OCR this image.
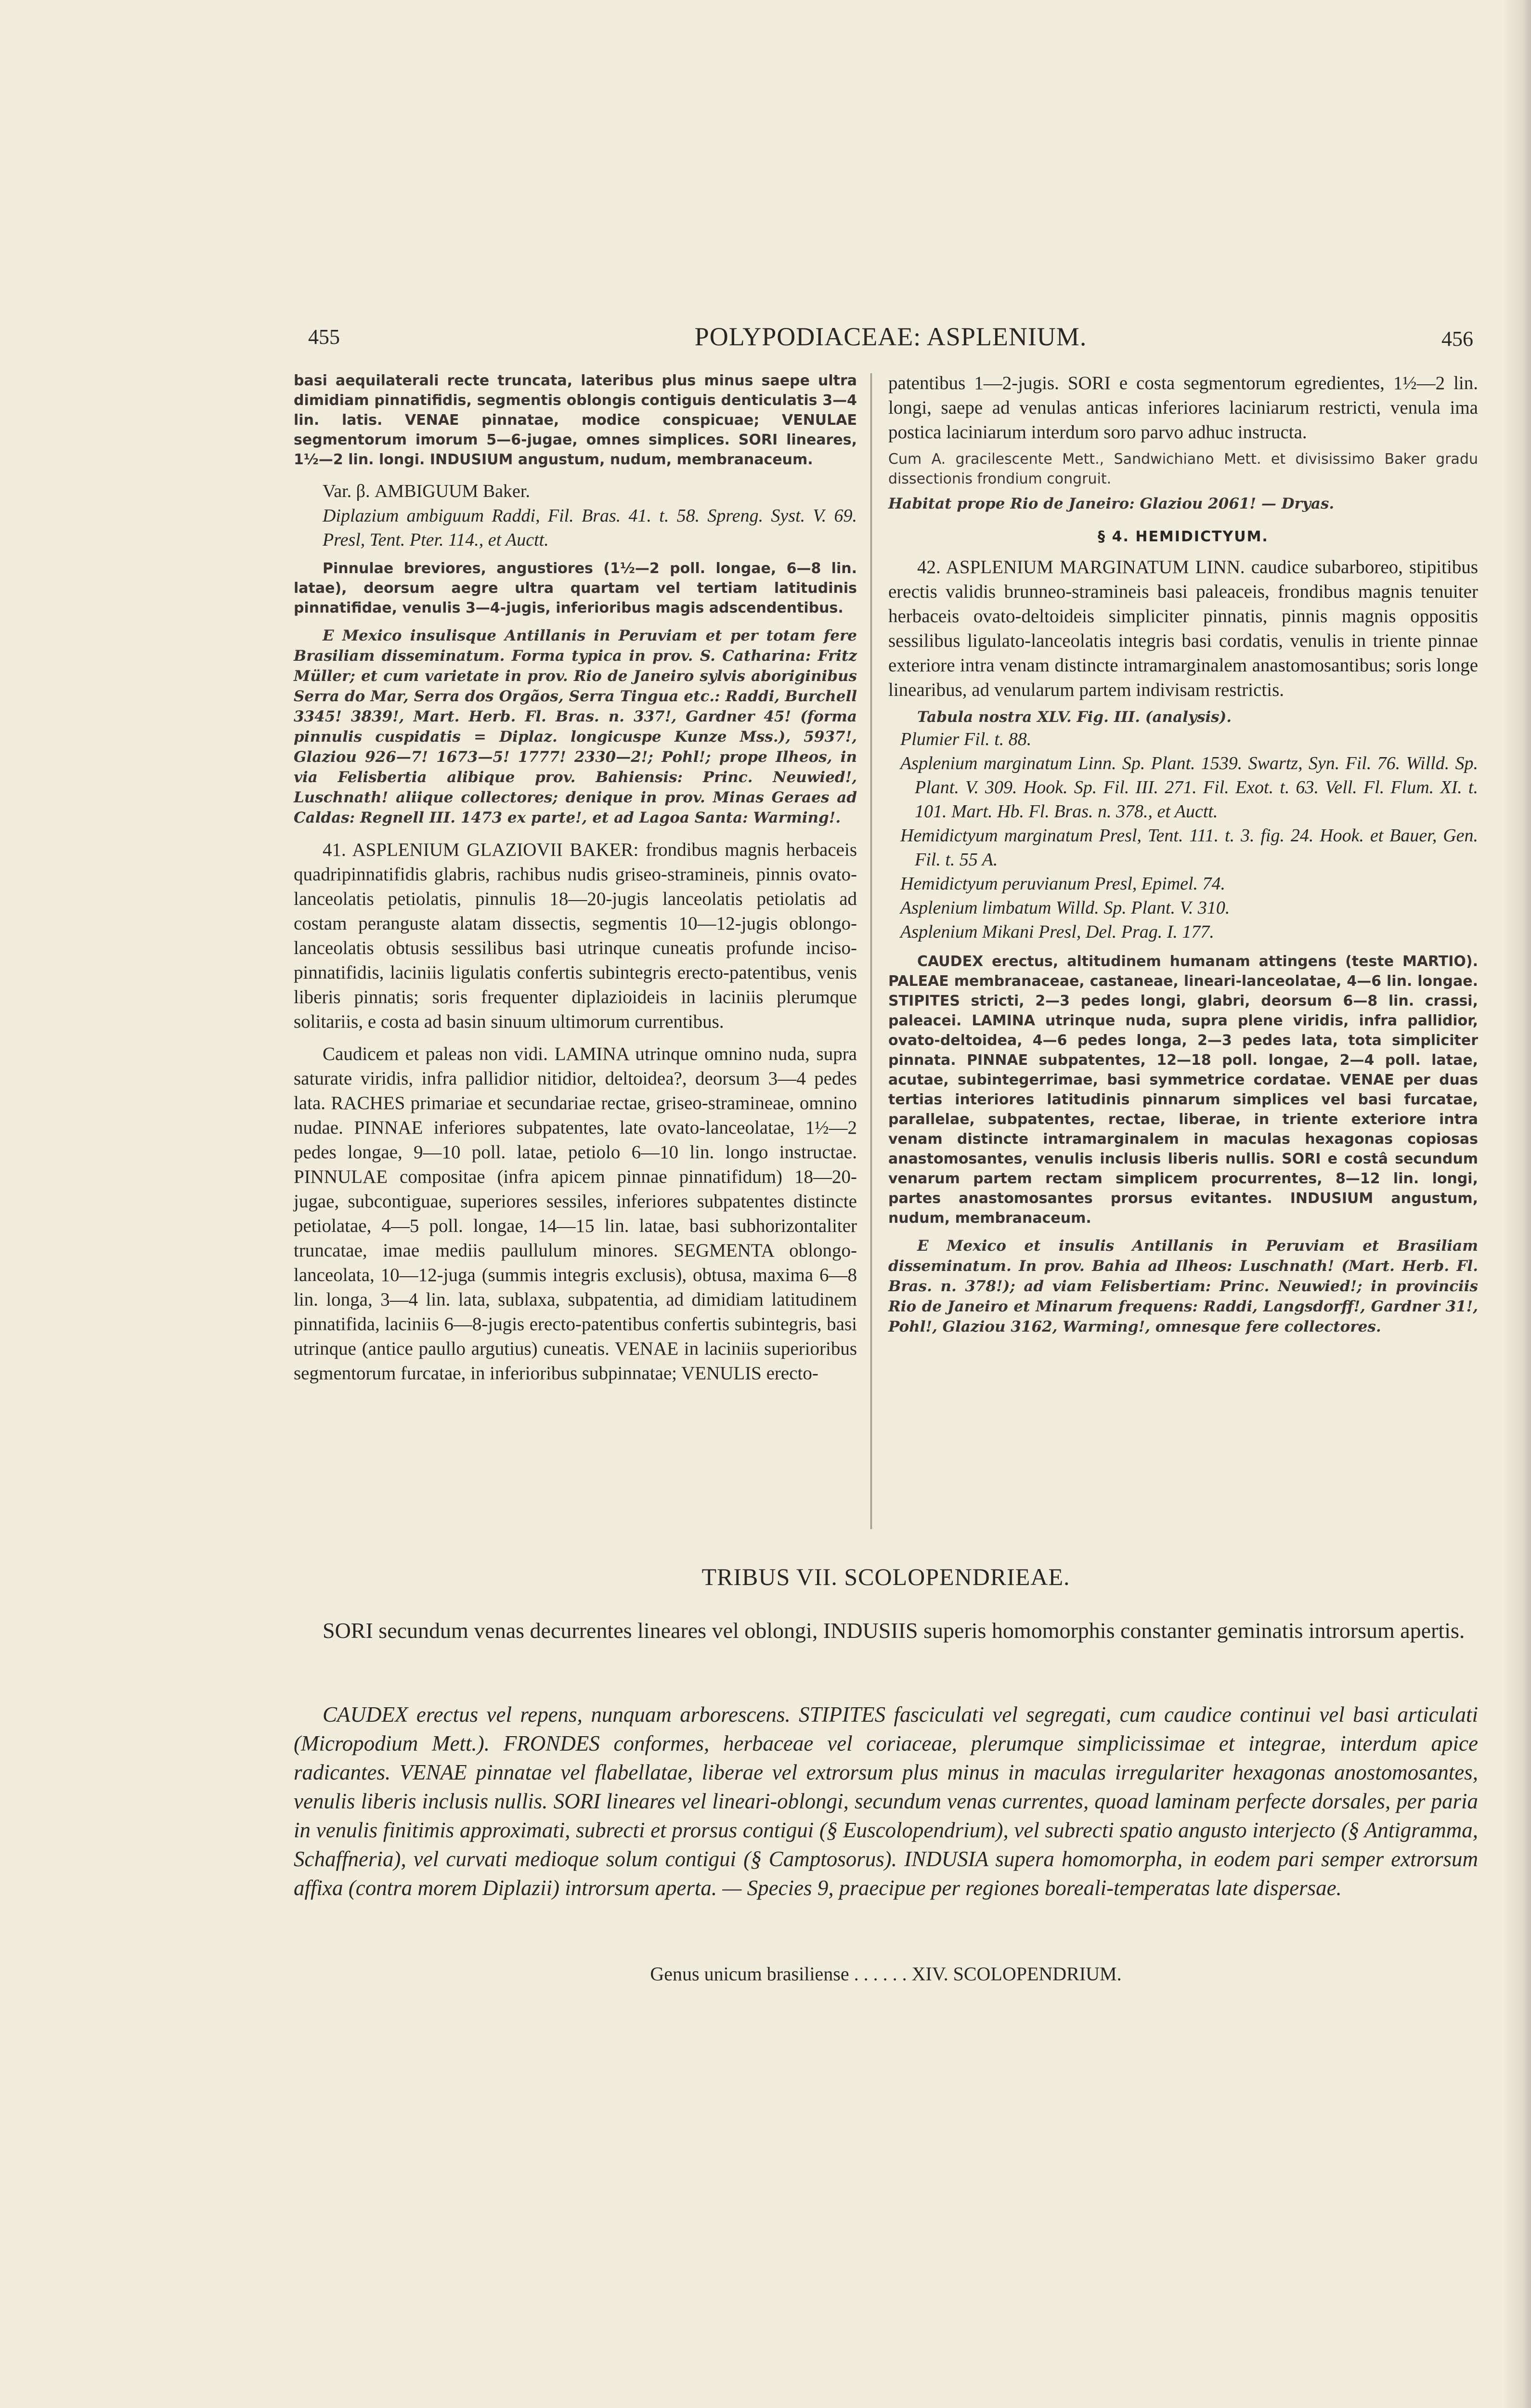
455	POLYPODIACEAE: ASPLENIUM.	456

basi aequilaterali recte truncata, lateribus plus minus saepe ultra dimidiam pinnatifidis, segmentis oblongis contiguis denticulatis 3—4 lin. latis. VENAE pinnatae, modice conspicuae; VENULAE segmentorum imorum 5—6-jugae, omnes simplices. SORI lineares, 1½—2 lin. longi. INDUSIUM angustum, nudum, membranaceum.

Var. β. AMBIGUUM Baker.

Diplazium ambiguum Raddi, Fil. Bras. 41. t. 58. Spreng. Syst. V. 69. Presl, Tent. Pter. 114., et Auctt.

Pinnulae breviores, angustiores (1½—2 poll. longae, 6—8 lin. latae), deorsum aegre ultra quartam vel tertiam latitudinis pinnatifidae, venulis 3—4-jugis, inferioribus magis adscendentibus.

E Mexico insulisque Antillanis in Peruviam et per totam fere Brasiliam disseminatum. Forma typica in prov. S. Catharina: Fritz Müller; et cum varietate in prov. Rio de Janeiro sylvis aboriginibus Serra do Mar, Serra dos Orgãos, Serra Tingua etc.: Raddi, Burchell 3345! 3839!, Mart. Herb. Fl. Bras. n. 337!, Gardner 45! (forma pinnulis cuspidatis = Diplaz. longicuspe Kunze Mss.), 5937!, Glaziou 926—7! 1673—5! 1777! 2330—2!; Pohl!; prope Ilheos, in via Felisbertia alibique prov. Bahiensis: Princ. Neuwied!, Luschnath! aliique collectores; denique in prov. Minas Geraes ad Caldas: Regnell III. 1473 ex parte!, et ad Lagoa Santa: Warming!.

41. ASPLENIUM GLAZIOVII BAKER: frondibus magnis herbaceis quadripinnatifidis glabris, rachibus nudis griseo-stramineis, pinnis ovato-lanceolatis petiolatis, pinnulis 18—20-jugis lanceolatis petiolatis ad costam peranguste alatam dissectis, segmentis 10—12-jugis oblongo-lanceolatis obtusis sessilibus basi utrinque cuneatis profunde inciso-pinnatifidis, laciniis ligulatis confertis subintegris erecto-patentibus, venis liberis pinnatis; soris frequenter diplazioideis in laciniis plerumque solitariis, e costa ad basin sinuum ultimorum currentibus.

Caudicem et paleas non vidi. LAMINA utrinque omnino nuda, supra saturate viridis, infra pallidior nitidior, deltoidea?, deorsum 3—4 pedes lata. RACHES primariae et secundariae rectae, griseo-stramineae, omnino nudae. PINNAE inferiores subpatentes, late ovato-lanceolatae, 1½—2 pedes longae, 9—10 poll. latae, petiolo 6—10 lin. longo instructae. PINNULAE compositae (infra apicem pinnae pinnatifidum) 18—20-jugae, subcontiguae, superiores sessiles, inferiores subpatentes distincte petiolatae, 4—5 poll. longae, 14—15 lin. latae, basi subhorizontaliter truncatae, imae mediis paullulum minores. SEGMENTA oblongo-lanceolata, 10—12-juga (summis integris exclusis), obtusa, maxima 6—8 lin. longa, 3—4 lin. lata, sublaxa, subpatentia, ad dimidiam latitudinem pinnatifida, laciniis 6—8-jugis erecto-patentibus confertis subintegris, basi utrinque (antice paullo argutius) cuneatis. VENAE in laciniis superioribus segmentorum furcatae, in inferioribus subpinnatae; VENULIS erecto-

patentibus 1—2-jugis. SORI e costa segmentorum egredientes, 1½—2 lin. longi, saepe ad venulas anticas inferiores laciniarum restricti, venula ima postica laciniarum interdum soro parvo adhuc instructa.

Cum A. gracilescente Mett., Sandwichiano Mett. et divisissimo Baker gradu dissectionis frondium congruit.

Habitat prope Rio de Janeiro: Glaziou 2061! — Dryas.

§ 4. HEMIDICTYUM.

42. ASPLENIUM MARGINATUM LINN. caudice subarboreo, stipitibus erectis validis brunneo-stramineis basi paleaceis, frondibus magnis tenuiter herbaceis ovato-deltoideis simpliciter pinnatis, pinnis magnis oppositis sessilibus ligulato-lanceolatis integris basi cordatis, venulis in triente pinnae exteriore intra venam distincte intramarginalem anastomosantibus; soris longe linearibus, ad venularum partem indivisam restrictis.

Tabula nostra XLV. Fig. III. (analysis).

Plumier Fil. t. 88.

Asplenium marginatum Linn. Sp. Plant. 1539. Swartz, Syn. Fil. 76. Willd. Sp. Plant. V. 309. Hook. Sp. Fil. III. 271. Fil. Exot. t. 63. Vell. Fl. Flum. XI. t. 101. Mart. Hb. Fl. Bras. n. 378., et Auctt.

Hemidictyum marginatum Presl, Tent. 111. t. 3. fig. 24. Hook. et Bauer, Gen. Fil. t. 55 A.

Hemidictyum peruvianum Presl, Epimel. 74.

Asplenium limbatum Willd. Sp. Plant. V. 310.

Asplenium Mikani Presl, Del. Prag. I. 177.

CAUDEX erectus, altitudinem humanam attingens (teste MARTIO). PALEAE membranaceae, castaneae, lineari-lanceolatae, 4—6 lin. longae. STIPITES stricti, 2—3 pedes longi, glabri, deorsum 6—8 lin. crassi, paleacei. LAMINA utrinque nuda, supra plene viridis, infra pallidior, ovato-deltoidea, 4—6 pedes longa, 2—3 pedes lata, tota simpliciter pinnata. PINNAE subpatentes, 12—18 poll. longae, 2—4 poll. latae, acutae, subintegerrimae, basi symmetrice cordatae. VENAE per duas tertias interiores latitudinis pinnarum simplices vel basi furcatae, parallelae, subpatentes, rectae, liberae, in triente exteriore intra venam distincte intramarginalem in maculas hexagonas copiosas anastomosantes, venulis inclusis liberis nullis. SORI e costâ secundum venarum partem rectam simplicem procurrentes, 8—12 lin. longi, partes anastomosantes prorsus evitantes. INDUSIUM angustum, nudum, membranaceum.

E Mexico et insulis Antillanis in Peruviam et Brasiliam disseminatum. In prov. Bahia ad Ilheos: Luschnath! (Mart. Herb. Fl. Bras. n. 378!); ad viam Felisbertiam: Princ. Neuwied!; in provinciis Rio de Janeiro et Minarum frequens: Raddi, Langsdorff!, Gardner 31!, Pohl!, Glaziou 3162, Warming!, omnesque fere collectores.

TRIBUS VII. SCOLOPENDRIEAE.

SORI secundum venas decurrentes lineares vel oblongi, INDUSIIS superis homomorphis constanter geminatis introrsum apertis.

CAUDEX erectus vel repens, nunquam arborescens. STIPITES fasciculati vel segregati, cum caudice continui vel basi articulati (Micropodium Mett.). FRONDES conformes, herbaceae vel coriaceae, plerumque simplicissimae et integrae, interdum apice radicantes. VENAE pinnatae vel flabellatae, liberae vel extrorsum plus minus in maculas irregulariter hexagonas anostomosantes, venulis liberis inclusis nullis. SORI lineares vel lineari-oblongi, secundum venas currentes, quoad laminam perfecte dorsales, per paria in venulis finitimis approximati, subrecti et prorsus contigui (§ Euscolopendrium), vel subrecti spatio angusto interjecto (§ Antigramma, Schaffneria), vel curvati medioque solum contigui (§ Camptosorus). INDUSIA supera homomorpha, in eodem pari semper extrorsum affixa (contra morem Diplazii) introrsum aperta. — Species 9, praecipue per regiones boreali-temperatas late dispersae.

Genus unicum brasiliense . . . . . . XIV. SCOLOPENDRIUM.
